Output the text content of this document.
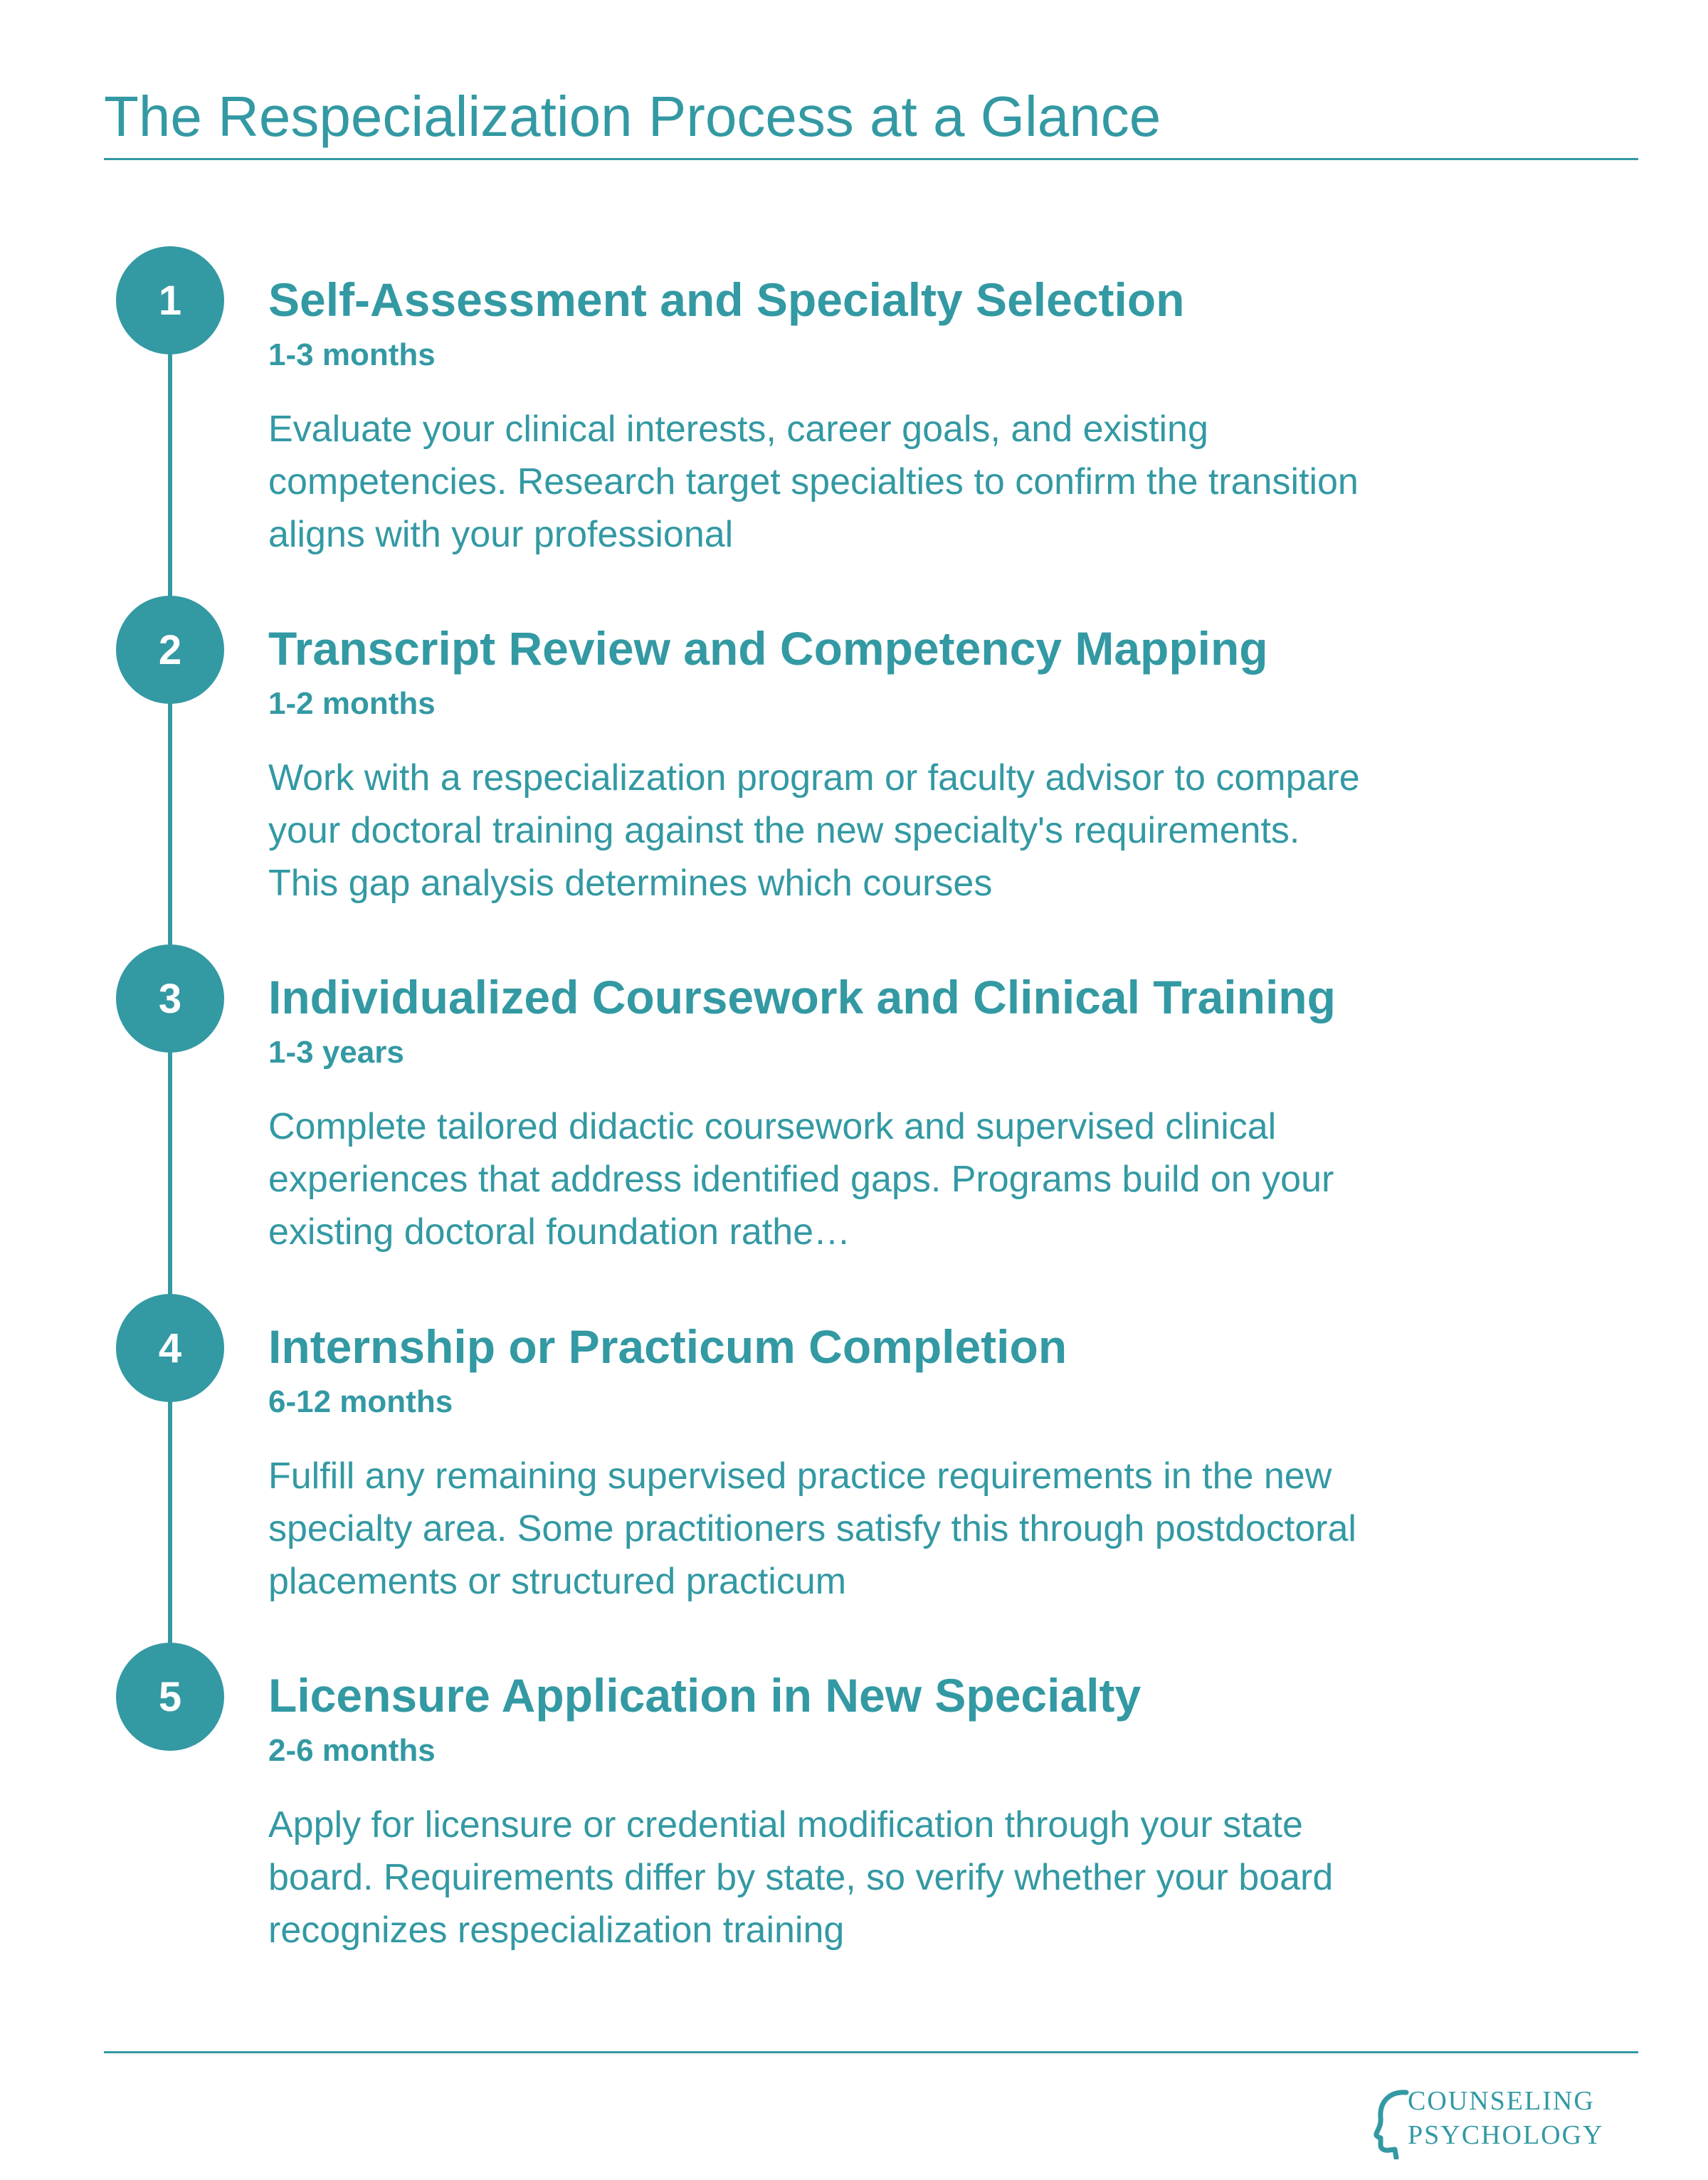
The Respecialization Process at a Glance
1	Self-Assessment and Specialty Selection
1-3 months
Evaluate your clinical interests, career goals, and existing competencies. Research target specialties to confirm the transition aligns with your professional
2	Transcript Review and Competency Mapping
1-2 months
Work with a respecialization program or faculty advisor to compare your doctoral training against the new specialty's requirements. This gap analysis determines which courses
3	Individualized Coursework and Clinical Training
1-3 years
Complete tailored didactic coursework and supervised clinical experiences that address identified gaps. Programs build on your existing doctoral foundation rathe…
4	Internship or Practicum Completion
6-12 months
Fulfill any remaining supervised practice requirements in the new specialty area. Some practitioners satisfy this through postdoctoral placements or structured practicum
5	Licensure Application in New Specialty
2-6 months
Apply for licensure or credential modification through your state board. Requirements differ by state, so verify whether your board recognizes respecialization training
COUNSELING
PSYCHOLOGY
